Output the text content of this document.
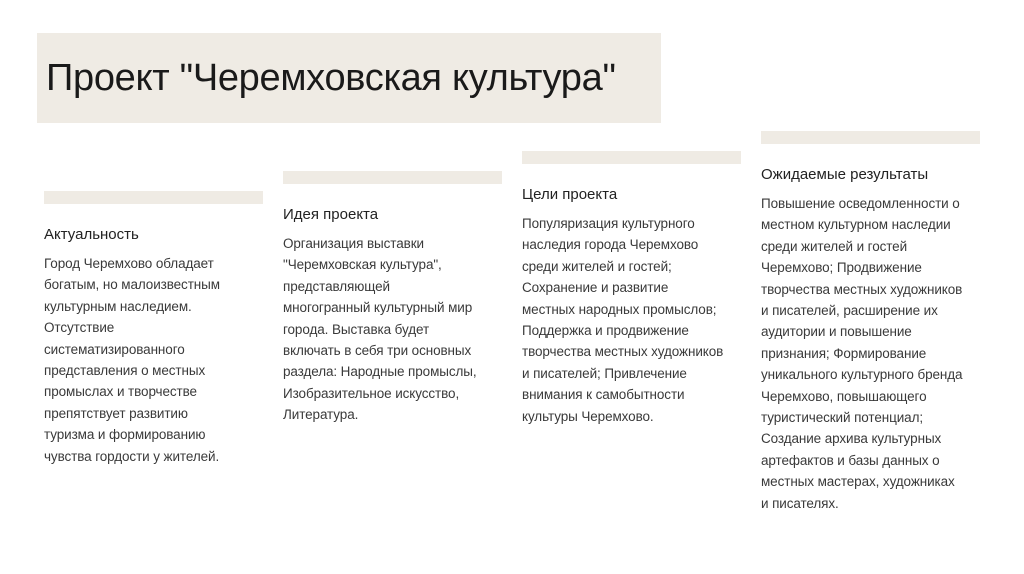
Проект "Черемховская культура"
Актуальность
Город Черемхово обладает
богатым, но малоизвестным
культурным наследием.
Отсутствие
систематизированного
представления о местных
промыслах и творчестве
препятствует развитию
туризма и формированию
чувства гордости у жителей.
Идея проекта
Организация выставки
"Черемховская культура",
представляющей
многогранный культурный мир
города. Выставка будет
включать в себя три основных
раздела: Народные промыслы,
Изобразительное искусство,
Литература.
Цели проекта
Популяризация культурного
наследия города Черемхово
среди жителей и гостей;
Сохранение и развитие
местных народных промыслов;
Поддержка и продвижение
творчества местных художников
и писателей; Привлечение
внимания к самобытности
культуры Черемхово.
Ожидаемые результаты
Повышение осведомленности о
местном культурном наследии
среди жителей и гостей
Черемхово; Продвижение
творчества местных художников
и писателей, расширение их
аудитории и повышение
признания; Формирование
уникального культурного бренда
Черемхово, повышающего
туристический потенциал;
Создание архива культурных
артефактов и базы данных о
местных мастерах, художниках
и писателях.
